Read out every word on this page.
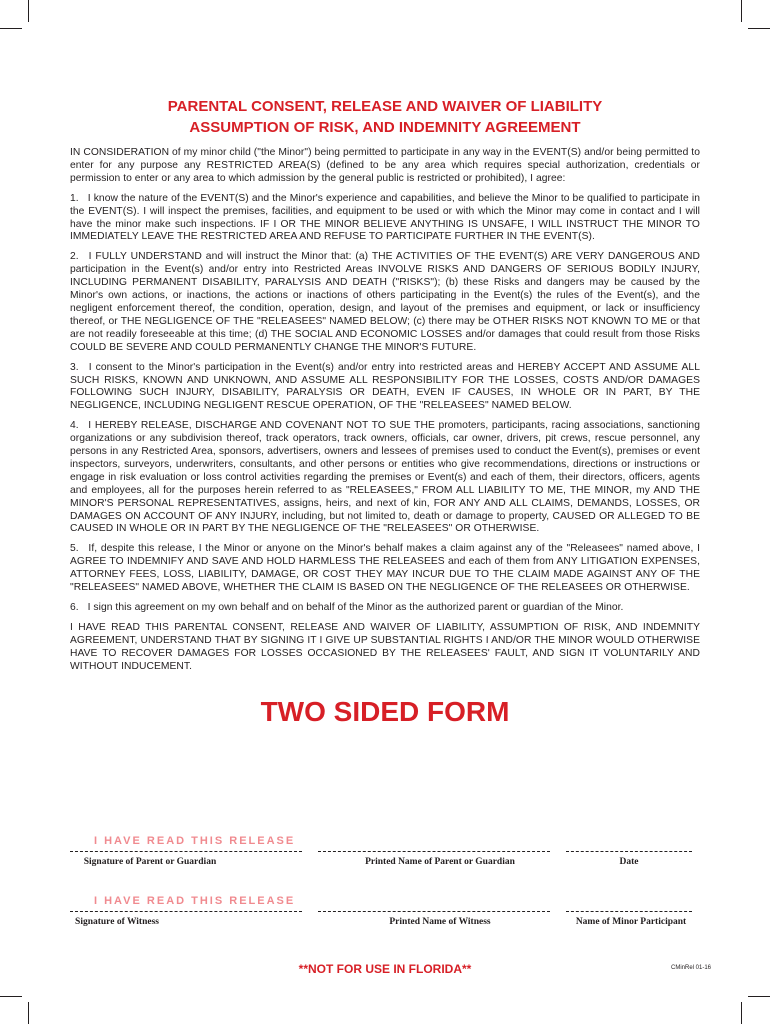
PARENTAL CONSENT, RELEASE AND WAIVER OF LIABILITY
ASSUMPTION OF RISK, AND INDEMNITY AGREEMENT

IN CONSIDERATION of my minor child ("the Minor") being permitted to participate in any way in the EVENT(S) and/or being permitted to enter for any purpose any RESTRICTED AREA(S) (defined to be any area which requires special authorization, credentials or permission to enter or any area to which admission by the general public is restricted or prohibited), I agree:

1. I know the nature of the EVENT(S) and the Minor's experience and capabilities, and believe the Minor to be qualified to participate in the EVENT(S). I will inspect the premises, facilities, and equipment to be used or with which the Minor may come in contact and I will have the minor make such inspections. IF I OR THE MINOR BELIEVE ANYTHING IS UNSAFE, I WILL INSTRUCT THE MINOR TO IMMEDIATELY LEAVE THE RESTRICTED AREA AND REFUSE TO PARTICIPATE FURTHER IN THE EVENT(S).

2. I FULLY UNDERSTAND and will instruct the Minor that: (a) THE ACTIVITIES OF THE EVENT(S) ARE VERY DANGEROUS AND participation in the Event(s) and/or entry into Restricted Areas INVOLVE RISKS AND DANGERS OF SERIOUS BODILY INJURY, INCLUDING PERMANENT DISABILITY, PARALYSIS AND DEATH ("RISKS"); (b) these Risks and dangers may be caused by the Minor's own actions, or inactions, the actions or inactions of others participating in the Event(s) the rules of the Event(s), and the negligent enforcement thereof, the condition, operation, design, and layout of the premises and equipment, or lack or insufficiency thereof, or THE NEGLIGENCE OF THE "RELEASEES" NAMED BELOW; (c) there may be OTHER RISKS NOT KNOWN TO ME or that are not readily foreseeable at this time; (d) THE SOCIAL AND ECONOMIC LOSSES and/or damages that could result from those Risks COULD BE SEVERE AND COULD PERMANENTLY CHANGE THE MINOR'S FUTURE.

3. I consent to the Minor's participation in the Event(s) and/or entry into restricted areas and HEREBY ACCEPT AND ASSUME ALL SUCH RISKS, KNOWN AND UNKNOWN, AND ASSUME ALL RESPONSIBILITY FOR THE LOSSES, COSTS AND/OR DAMAGES FOLLOWING SUCH INJURY, DISABILITY, PARALYSIS OR DEATH, EVEN IF CAUSES, IN WHOLE OR IN PART, BY THE NEGLIGENCE, INCLUDING NEGLIGENT RESCUE OPERATION, OF THE "RELEASEES" NAMED BELOW.

4. I HEREBY RELEASE, DISCHARGE AND COVENANT NOT TO SUE THE promoters, participants, racing associations, sanctioning organizations or any subdivision thereof, track operators, track owners, officials, car owner, drivers, pit crews, rescue personnel, any persons in any Restricted Area, sponsors, advertisers, owners and lessees of premises used to conduct the Event(s), premises or event inspectors, surveyors, underwriters, consultants, and other persons or entities who give recommendations, directions or instructions or engage in risk evaluation or loss control activities regarding the premises or Event(s) and each of them, their directors, officers, agents and employees, all for the purposes herein referred to as "RELEASEES," FROM ALL LIABILITY TO ME, THE MINOR, my AND THE MINOR'S PERSONAL REPRESENTATIVES, assigns, heirs, and next of kin, FOR ANY AND ALL CLAIMS, DEMANDS, LOSSES, OR DAMAGES ON ACCOUNT OF ANY INJURY, including, but not limited to, death or damage to property, CAUSED OR ALLEGED TO BE CAUSED IN WHOLE OR IN PART BY THE NEGLIGENCE OF THE "RELEASEES" OR OTHERWISE.

5. If, despite this release, I the Minor or anyone on the Minor's behalf makes a claim against any of the "Releasees" named above, I AGREE TO INDEMNIFY AND SAVE AND HOLD HARMLESS THE RELEASEES and each of them from ANY LITIGATION EXPENSES, ATTORNEY FEES, LOSS, LIABILITY, DAMAGE, OR COST THEY MAY INCUR DUE TO THE CLAIM MADE AGAINST ANY OF THE "RELEASEES" NAMED ABOVE, WHETHER THE CLAIM IS BASED ON THE NEGLIGENCE OF THE RELEASEES OR OTHERWISE.

6. I sign this agreement on my own behalf and on behalf of the Minor as the authorized parent or guardian of the Minor.

I HAVE READ THIS PARENTAL CONSENT, RELEASE AND WAIVER OF LIABILITY, ASSUMPTION OF RISK, AND INDEMNITY AGREEMENT, UNDERSTAND THAT BY SIGNING IT I GIVE UP SUBSTANTIAL RIGHTS I AND/OR THE MINOR WOULD OTHERWISE HAVE TO RECOVER DAMAGES FOR LOSSES OCCASIONED BY THE RELEASEES' FAULT, AND SIGN IT VOLUNTARILY AND WITHOUT INDUCEMENT.

TWO SIDED FORM
I HAVE READ THIS RELEASE
Signature of Parent or Guardian	Printed Name of Parent or Guardian	Date
I HAVE READ THIS RELEASE
Signature of Witness	Printed Name of Witness	Name of Minor Participant
**NOT FOR USE IN FLORIDA**	CMinRel 01-16
